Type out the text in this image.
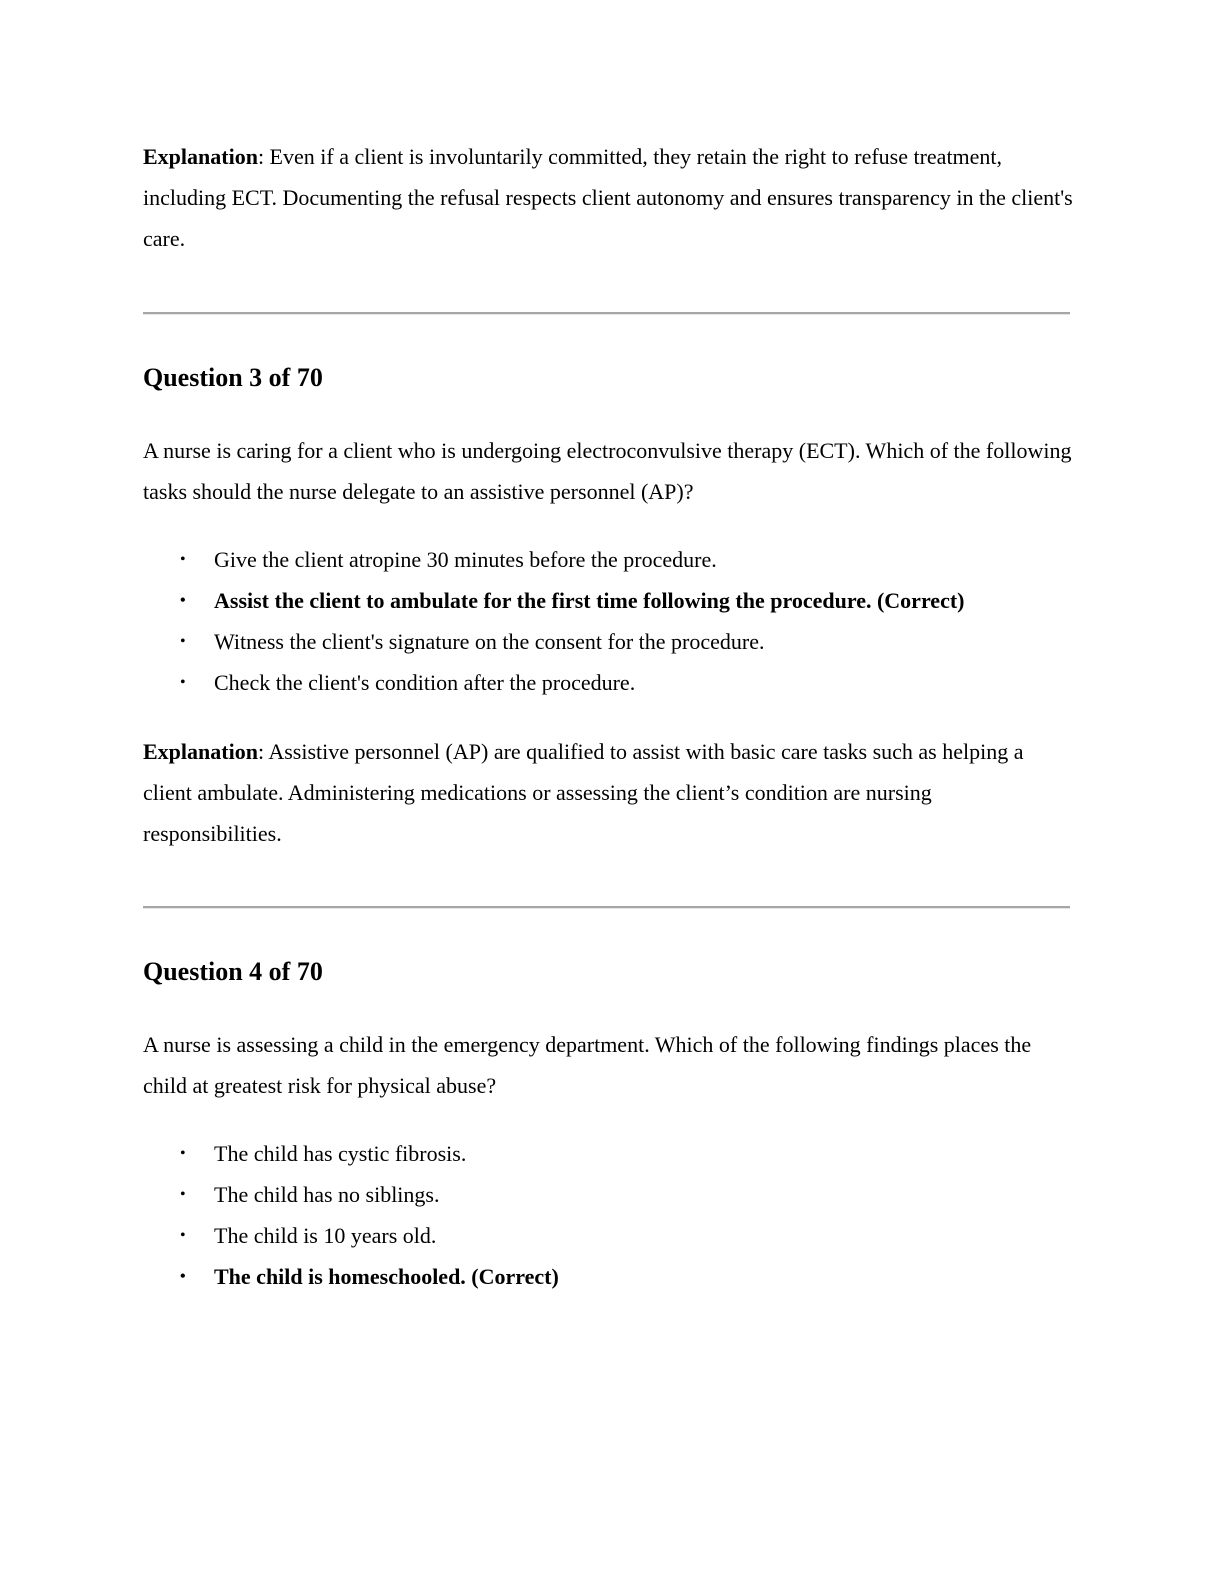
Explanation: Even if a client is involuntarily committed, they retain the right to refuse treatment, including ECT. Documenting the refusal respects client autonomy and ensures transparency in the client's care.

Question 3 of 70

A nurse is caring for a client who is undergoing electroconvulsive therapy (ECT). Which of the following tasks should the nurse delegate to an assistive personnel (AP)?

• Give the client atropine 30 minutes before the procedure.
• Assist the client to ambulate for the first time following the procedure. (Correct)
• Witness the client's signature on the consent for the procedure.
• Check the client's condition after the procedure.

Explanation: Assistive personnel (AP) are qualified to assist with basic care tasks such as helping a client ambulate. Administering medications or assessing the client’s condition are nursing responsibilities.

Question 4 of 70

A nurse is assessing a child in the emergency department. Which of the following findings places the child at greatest risk for physical abuse?

• The child has cystic fibrosis.
• The child has no siblings.
• The child is 10 years old.
• The child is homeschooled. (Correct)
